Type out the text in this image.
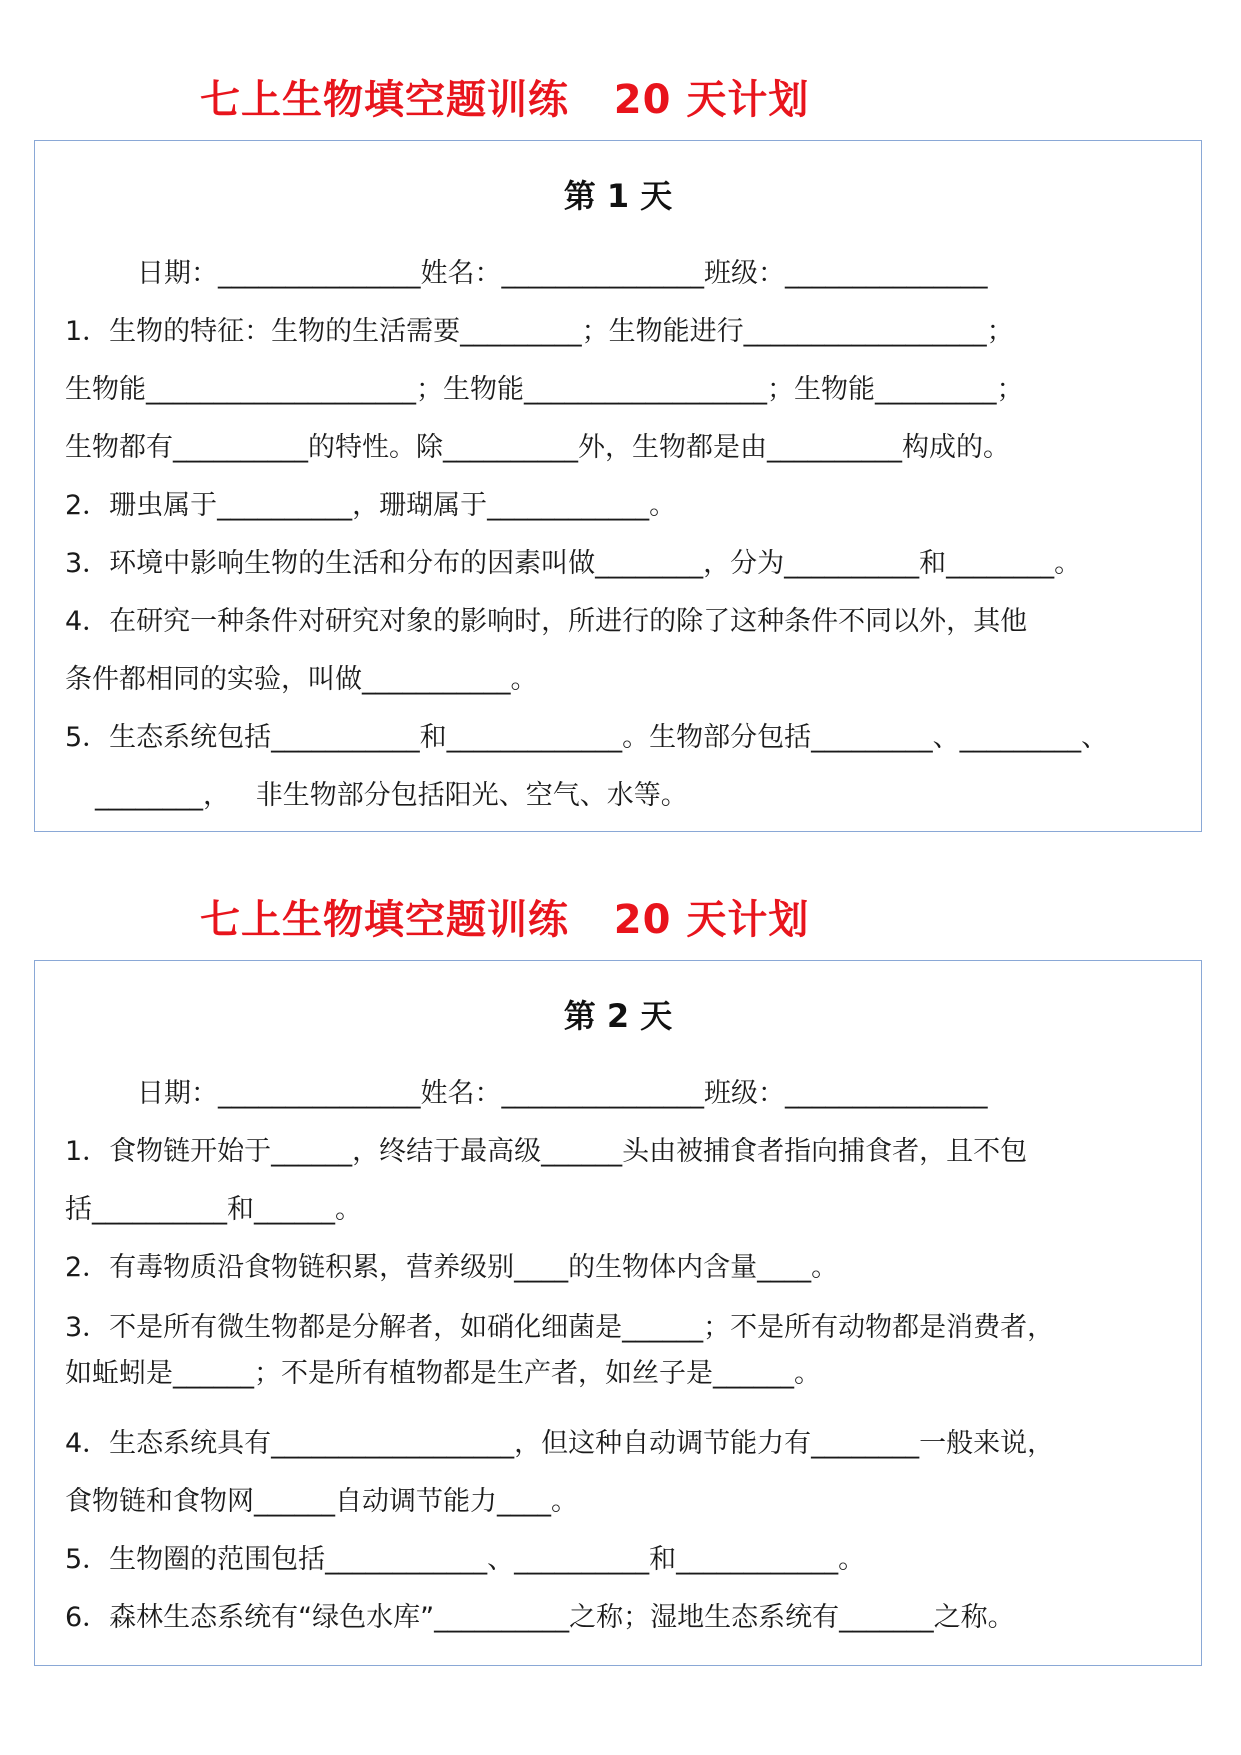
七上生物填空题训练   20 天计划
第 1 天
日期：_______________姓名：_______________班级：_______________
1．生物的特征：生物的生活需要_________；生物能进行__________________；
生物能____________________；生物能__________________；生物能_________；
生物都有__________的特性。除__________外，生物都是由__________构成的。
2．珊虫属于__________，珊瑚属于____________。
3．环境中影响生物的生活和分布的因素叫做________，分为__________和________。
4．在研究一种条件对研究对象的影响时，所进行的除了这种条件不同以外，其他
条件都相同的实验，叫做___________。
5．生态系统包括___________和_____________。生物部分包括_________、_________、
________，   非生物部分包括阳光、空气、水等。
七上生物填空题训练   20 天计划
第 2 天
日期：_______________姓名：_______________班级：_______________
1．食物链开始于______，终结于最高级______头由被捕食者指向捕食者，且不包
括__________和______。
2．有毒物质沿食物链积累，营养级别____的生物体内含量____。
3．不是所有微生物都是分解者，如硝化细菌是______；不是所有动物都是消费者，
如蚯蚓是______；不是所有植物都是生产者，如丝子是______。
4．生态系统具有__________________，但这种自动调节能力有________一般来说，
食物链和食物网______自动调节能力____。
5．生物圈的范围包括____________、__________和____________。
6．森林生态系统有“绿色水库”__________之称；湿地生态系统有_______之称。
